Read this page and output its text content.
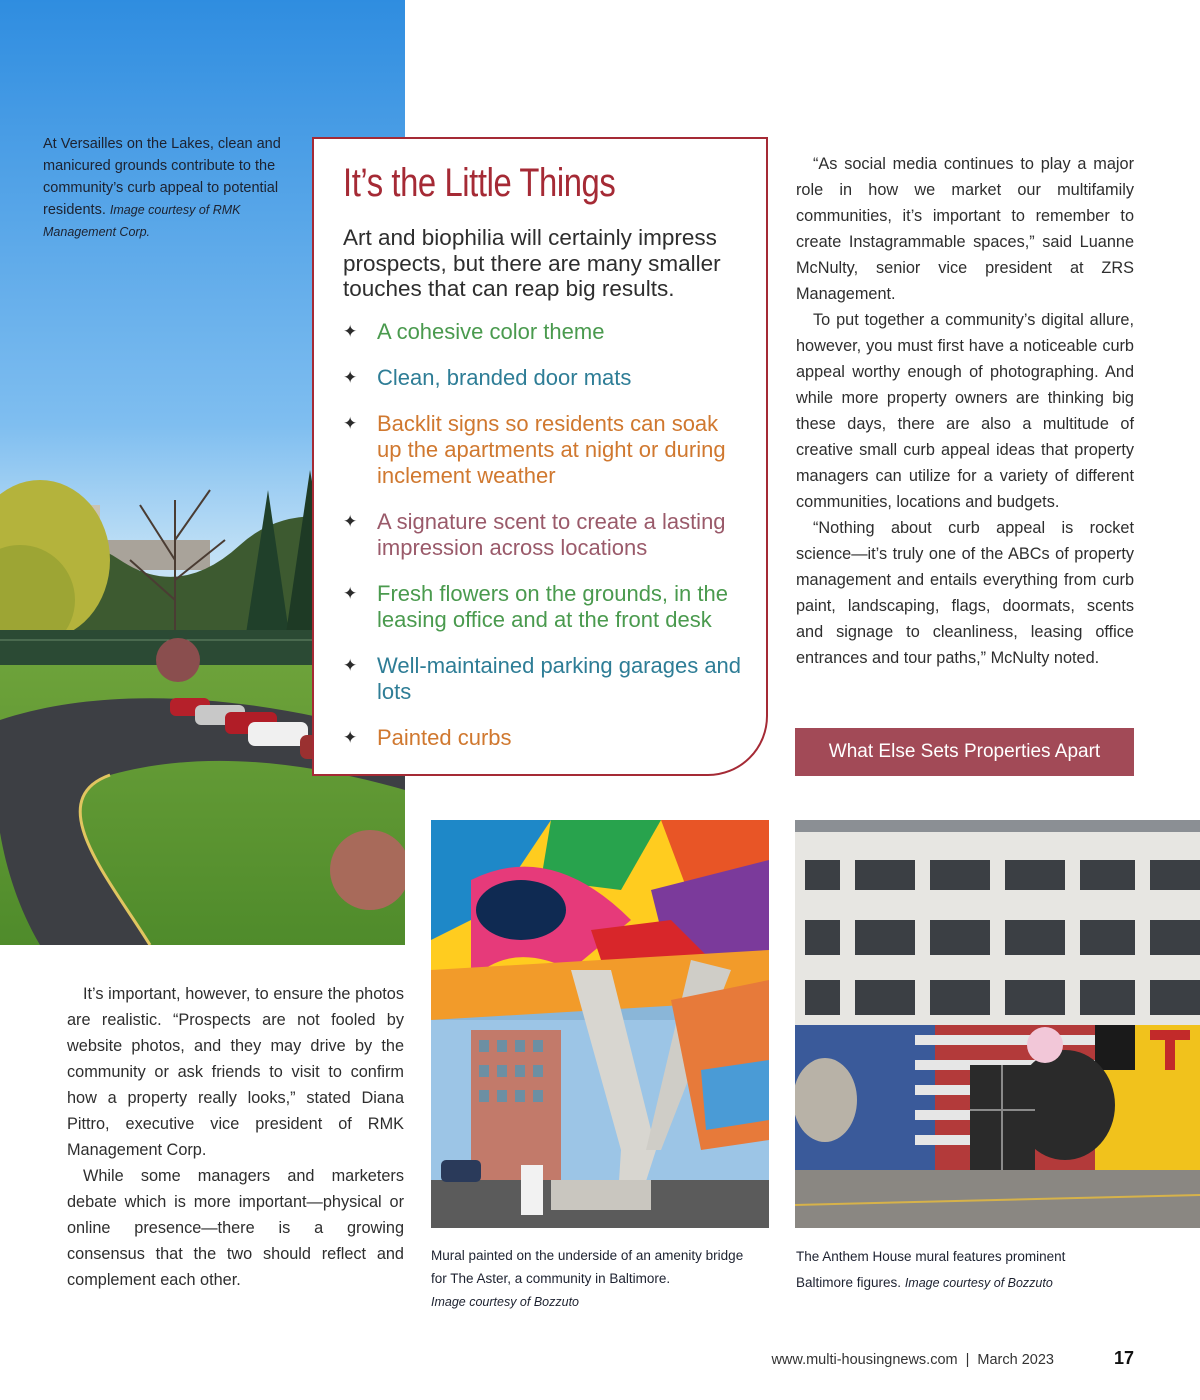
At Versailles on the Lakes, clean and manicured grounds contribute to the community’s curb appeal to potential residents. Image courtesy of RMK Management Corp.
It’s the Little Things

Art and biophilia will certainly impress prospects, but there are many smaller touches that can reap big results.

✦ A cohesive color theme
✦ Clean, branded door mats
✦ Backlit signs so residents can soak up the apartments at night or during inclement weather
✦ A signature scent to create a lasting impression across locations
✦ Fresh flowers on the grounds, in the leasing office and at the front desk
✦ Well-maintained parking garages and lots
✦ Painted curbs

“As social media continues to play a major role in how we market our multifamily communities, it’s important to remember to create Instagrammable spaces,” said Luanne McNulty, senior vice president at ZRS Management.

To put together a community’s digital allure, however, you must first have a noticeable curb appeal worthy enough of photographing. And while more property owners are thinking big these days, there are also a multitude of creative small curb appeal ideas that property managers can utilize for a variety of different communities, locations and budgets.

“Nothing about curb appeal is rocket science—it’s truly one of the ABCs of property management and entails everything from curb paint, landscaping, flags, doormats, scents and signage to cleanliness, leasing office entrances and tour paths,” McNulty noted.

What Else Sets Properties Apart

It’s important, however, to ensure the photos are realistic. “Prospects are not fooled by website photos, and they may drive by the community or ask friends to visit to confirm how a property really looks,” stated Diana Pittro, executive vice president of RMK Management Corp.

While some managers and marketers debate which is more important—physical or online presence—there is a growing consensus that the two should reflect and complement each other.

Mural painted on the underside of an amenity bridge for The Aster, a community in Baltimore.
Image courtesy of Bozzuto
The Anthem House mural features prominent Baltimore figures. Image courtesy of Bozzuto
www.multi-housingnews.com | March 2023	17
